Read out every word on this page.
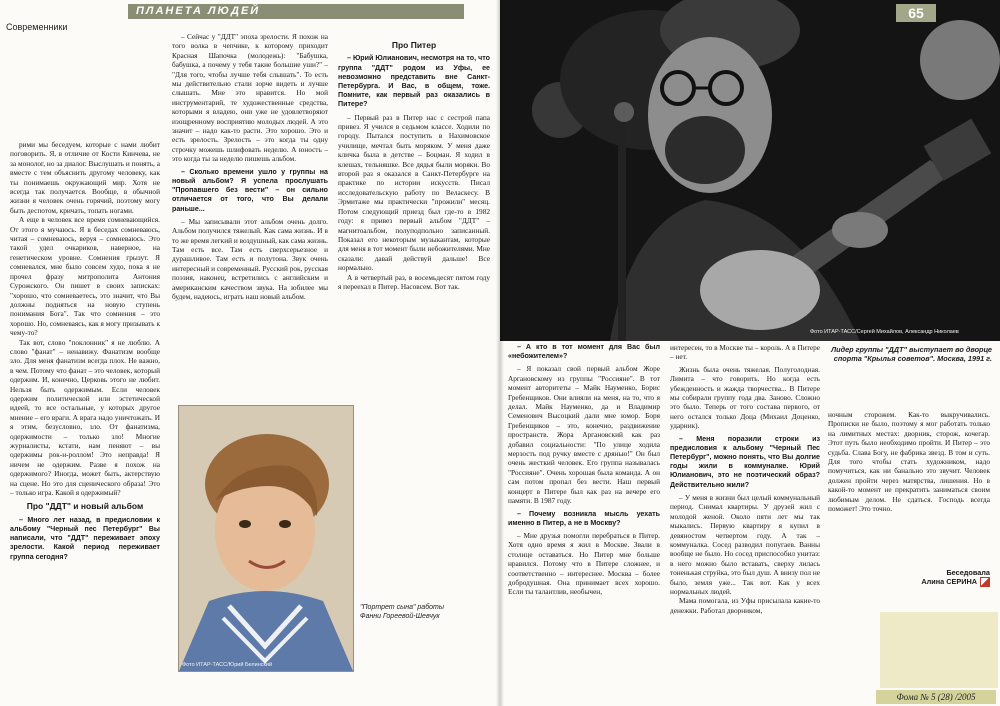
ПЛАНЕТА ЛЮДЕЙ
Современники

рими мы беседуем, которые с нами любит поговорить. Я, в отличие от Кости Кинчева, не за монолог, но за диалог. Выслушать и понять, а вместе с тем объяснить другому человеку, как ты понимаешь окружающий мир. Хотя не всегда так получается. Вообще, в обычной жизни я человек очень горячий, поэтому могу быть деспотом, кричать, топать ногами.

А еще в человек все время сомневающийся. От этого я мучаюсь. Я в беседах сомневаюсь, читая – сомневаюсь, веруя – сомневаюсь. Это такой удел очкариков, наверное, на генетическом уровне. Сомнения грызут. Я сомневался, мне было совсем худо, пока я не прочел фразу митрополита Антония Сурожского. Он пишет в своих записках: "хорошо, что сомневаетесь, это значит, что Вы должны подняться на новую ступень понимания Бога". Так что сомнения – это хорошо. Но, сомневаясь, как я могу призывать к чему-то?

Так вот, слово "поклонник" я не люблю. А слово "фанат" – ненавижу. Фанатизм вообще зло. Для меня фанатизм всегда плох. Не важно, в чем. Потому что фанат – это человек, который одержим. И, конечно, Церковь этого не любит. Нельзя быть одержимым. Если человек одержим политической или эстетической идеей, то все остальные, у которых другое мнение – его враги. А врага надо уничтожать. И я этим, безусловно, зло. От фанатизма, одержимости – только зло! Многие журналисты, кстати, нам пеняют – вы одержимы рок-н-роллом! Это неправда! Я ничем не одержим. Разве я похож на одержимого? Иногда, может быть, актерствую на сцене. Но это для сценического образа! Это – только игра. Какой я одержимый?

Про "ДДТ" и новый альбом

– Много лет назад, в предисловии к альбому "Черный пес Петербург" Вы написали, что "ДДТ" переживает эпоху зрелости. Какой период переживает группа сегодня?

– Сейчас у "ДДТ" эпоха зрелости. Я похож на того волка в чепчике, к которому приходит Красная Шапочка (молодежь): "Бабушка, бабушка, а почему у тебя такие большие уши?" – "Для того, чтобы лучше тебя слышать". То есть мы действительно стали зорче видеть и лучше слышать. Мне это нравится. Но мой инструментарий, те художественные средства, которыми я владею, они уже не удовлетворяют изощренному восприятию молодых людей. А это значит – надо как-то расти. Это хорошо. Это и есть зрелость. Зрелость – это когда ты одну строчку можешь шлифовать неделю. А юность – это когда ты за неделю пишешь альбом.

– Сколько времени ушло у группы на новый альбом? Я успела прослушать "Пропавшего без вести" – он сильно отличается от того, что Вы делали раньше...

– Мы записывали этот альбом очень долго. Альбом получился тяжелый. Как сама жизнь. И в то же время легкий и воздушный, как сама жизнь. Там есть все. Там есть сверхсерьезное и дурашливое. Там есть и полутона. Звук очень интересный и современный. Русский рок, русская поэзия, наконец, встретились с английским и американским качеством звука. На юбилее мы будем, надеюсь, играть наш новый альбом.

Про Питер

– Юрий Юлианович, несмотря на то, что группа "ДДТ" родом из Уфы, ее невозможно представить вне Санкт-Петербурга. И Вас, в общем, тоже. Помните, как первый раз оказались в Питере?

– Первый раз в Питер нас с сестрой папа привез. Я учился в седьмом классе. Ходили по городу. Пытался поступить в Нахимовское училище, мечтал быть моряком. У меня даже кличка была в детстве – Боцман. Я ходил в клешах, тельняшке. Все дядья были моряки. Во второй раз я оказался в Санкт-Петербурге на практике по истории искусств. Писал исследовательскую работу по Веласкесу. В Эрмитаже мы практически "прожили" месяц. Потом следующий приезд был где-то в 1982 году: я привез первый альбом "ДДТ" – магнитоальбом, полуподпольно записанный. Показал его некоторым музыкантам, которые для меня в тот момент были небожителями. Мне сказали: давай действуй дальше! Все нормально.

А в четвертый раз, в восемьдесят пятом году я переехал в Питер. Насовсем. Вот так.

Фото ИТАР-ТАСС/Юрий Белинский
"Портрет сына" работы Фанни Гореевой-Шевчук
65
Фото ИТАР-ТАСС/Сергей Михайлов, Александр Николаев
Лидер группы "ДДТ" выступает во дворце спорта "Крылья советов". Москва, 1991 г.

– А кто в тот момент для Вас был «небожителем»?

– Я показал свой первый альбом Жоре Аргановскому из группы "Россияне". В тот момент авторитеты – Майк Науменко, Борис Гребенщиков. Они влияли на меня, на то, что я делал. Майк Науменко, да и Владимир Семенович Высоцкий дали мне юмор. Боря Гребенщиков – это, конечно, раздвижение пространств. Жора Аргановский как раз добавил социальности: "По улице ходила мерзость под ручку вместе с дрянью!" Он был очень жесткий человек. Его группа называлась "Россияне". Очень хорошая была команда. А он сам потом пропал без вести. Наш первый концерт в Питере был как раз на вечере его памяти. В 1987 году.

– Почему возникла мысль уехать именно в Питер, а не в Москву?

– Мне друзья помогли перебраться в Питер. Хотя одно время я жил в Москве. Звали в столице оставаться. Но Питер мне больше нравился. Потому что в Питере сложнее, и соответственно – интереснее. Москва – более добродушная. Она принимает всех хорошо. Если ты талантлив, необычен,

интересен, то в Москве ты – король. А в Питере – нет.

Жизнь была очень тяжелая. Полуголодная. Лимита – что говорить. Но когда есть убежденность и жажда творчества... В Питере мы собирали группу года два. Заново. Сложно это было. Теперь от того состава первого, от него остался только Доца (Михаил Доценко, ударник).

– Меня поразили строки из предисловия к альбому "Черный Пес Петербург", можно понять, что Вы долгие годы жили в коммуналке. Юрий Юлианович, это не поэтический образ? Действительно жили?

– У меня в жизни был целый коммунальный период. Снимал квартиры. У друзей жил с молодой женой. Около пяти лет мы так мыкались. Первую квартиру я купил в девяностом четвертом году. А так – коммуналка. Сосед разводил попугаев. Ванны вообще не было. Но сосед приспособил унитаз: в него можно было вставать, сверху лилась тоненькая струйка, это был душ. А внизу пол не было, земля уже... Так вот. Как у всех нормальных людей.

Мама помогала, из Уфы присылала какие-то денежки. Работал дворником,

ночным сторожем. Как-то выкручивались. Прописки не было, поэтому я мог работать только на лимитных местах: дворник, сторож, кочегар. Этот путь было необходимо пройти. И Питер – это судьба. Слава Богу, не фабрика звезд. В том и суть. Для того чтобы стать художником, надо помучиться, как ни банально это звучит. Человек должен пройти через матярства, лишения. Но в какой-то момент не прекратить заниматься своим любимым делом. Не сдаться. Господь всегда поможет! Это точно.

Беседовала
Алина СЕРИНА
Фома № 5 (28) /2005
